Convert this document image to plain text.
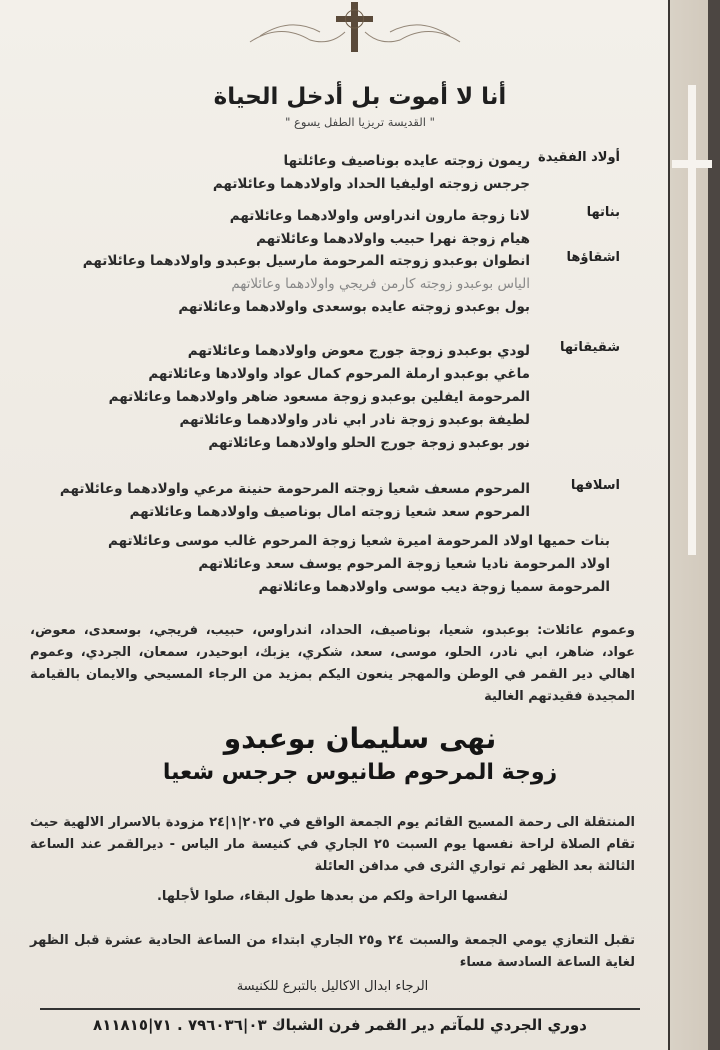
أنا لا أموت بل أدخل الحياة
" القديسة تريزيا الطفل يسوع "
أولاد الفقيدة
ريمون زوجته عايده بوناصيف وعائلتها
جرجس زوجته اوليفيا الحداد واولادهما وعائلاتهم
بناتها
لانا زوجة مارون اندراوس واولادهما وعائلاتهم
هيام زوجة نهرا حبيب واولادهما وعائلاتهم
اشقاؤها
انطوان بوعبدو زوجته المرحومة مارسيل بوعبدو واولادهما وعائلاتهم
الياس بوعبدو زوجته كارمن فريجي واولادهما وعائلاتهم
بول بوعبدو زوجته عايده بوسعدى واولادهما وعائلاتهم
شقيقاتها
لودي بوعبدو زوجة جورج معوض واولادهما وعائلاتهم
ماغي بوعبدو ارملة المرحوم كمال عواد واولادها وعائلاتهم
المرحومة ايفلين بوعبدو زوجة مسعود ضاهر واولادهما وعائلاتهم
لطيفة بوعبدو زوجة نادر ابي نادر واولادهما وعائلاتهم
نور بوعبدو زوجة جورج الحلو واولادهما وعائلاتهم
اسلافها
المرحوم مسعف شعيا زوجته المرحومة حنينة مرعي واولادهما وعائلاتهم
المرحوم سعد شعيا زوجته امال بوناصيف واولادهما وعائلاتهم
بنات حميها اولاد المرحومة اميرة شعيا زوجة المرحوم غالب موسى وعائلاتهم
اولاد المرحومة ناديا شعيا زوجة المرحوم يوسف سعد وعائلاتهم
المرحومة سميا زوجة ديب موسى واولادهما وعائلاتهم
وعموم عائلات: بوعبدو، شعيا، بوناصيف، الحداد، اندراوس، حبيب، فريجي، بوسعدى، معوض، عواد، ضاهر، ابي نادر، الحلو، موسى، سعد، شكري، يزبك، ابوحيدر، سمعان، الجردي، وعموم اهالي دير القمر في الوطن والمهجر ينعون اليكم بمزيد من الرجاء المسيحي والايمان بالقيامة المجيدة فقيدتهم الغالية
نهى سليمان بوعبدو
زوجة المرحوم طانيوس جرجس شعيا
المنتقلة الى رحمة المسيح القائم يوم الجمعة الواقع في ٢٠٢٥|١|٢٤ مزودة بالاسرار الالهية حيث تقام الصلاة لراحة نفسها يوم السبت ٢٥ الجاري في كنيسة مار الياس - ديرالقمر عند الساعة الثالثة بعد الظهر ثم تواري الثرى في مدافن العائلة
لنفسها الراحة ولكم من بعدها طول البقاء، صلوا لأجلها.
تقبل التعازي يومي الجمعة والسبت ٢٤ و٢٥ الجاري ابتداء من الساعة الحادية عشرة قبل الظهر لغاية الساعة السادسة مساء
الرجاء ابدال الاكاليل بالتبرع للكنيسة
دوري الجردي للمآتم دير القمر فرن الشباك ٠٣|٧٩٦٠٣٦ . ٧١|٨١١٨١٥
